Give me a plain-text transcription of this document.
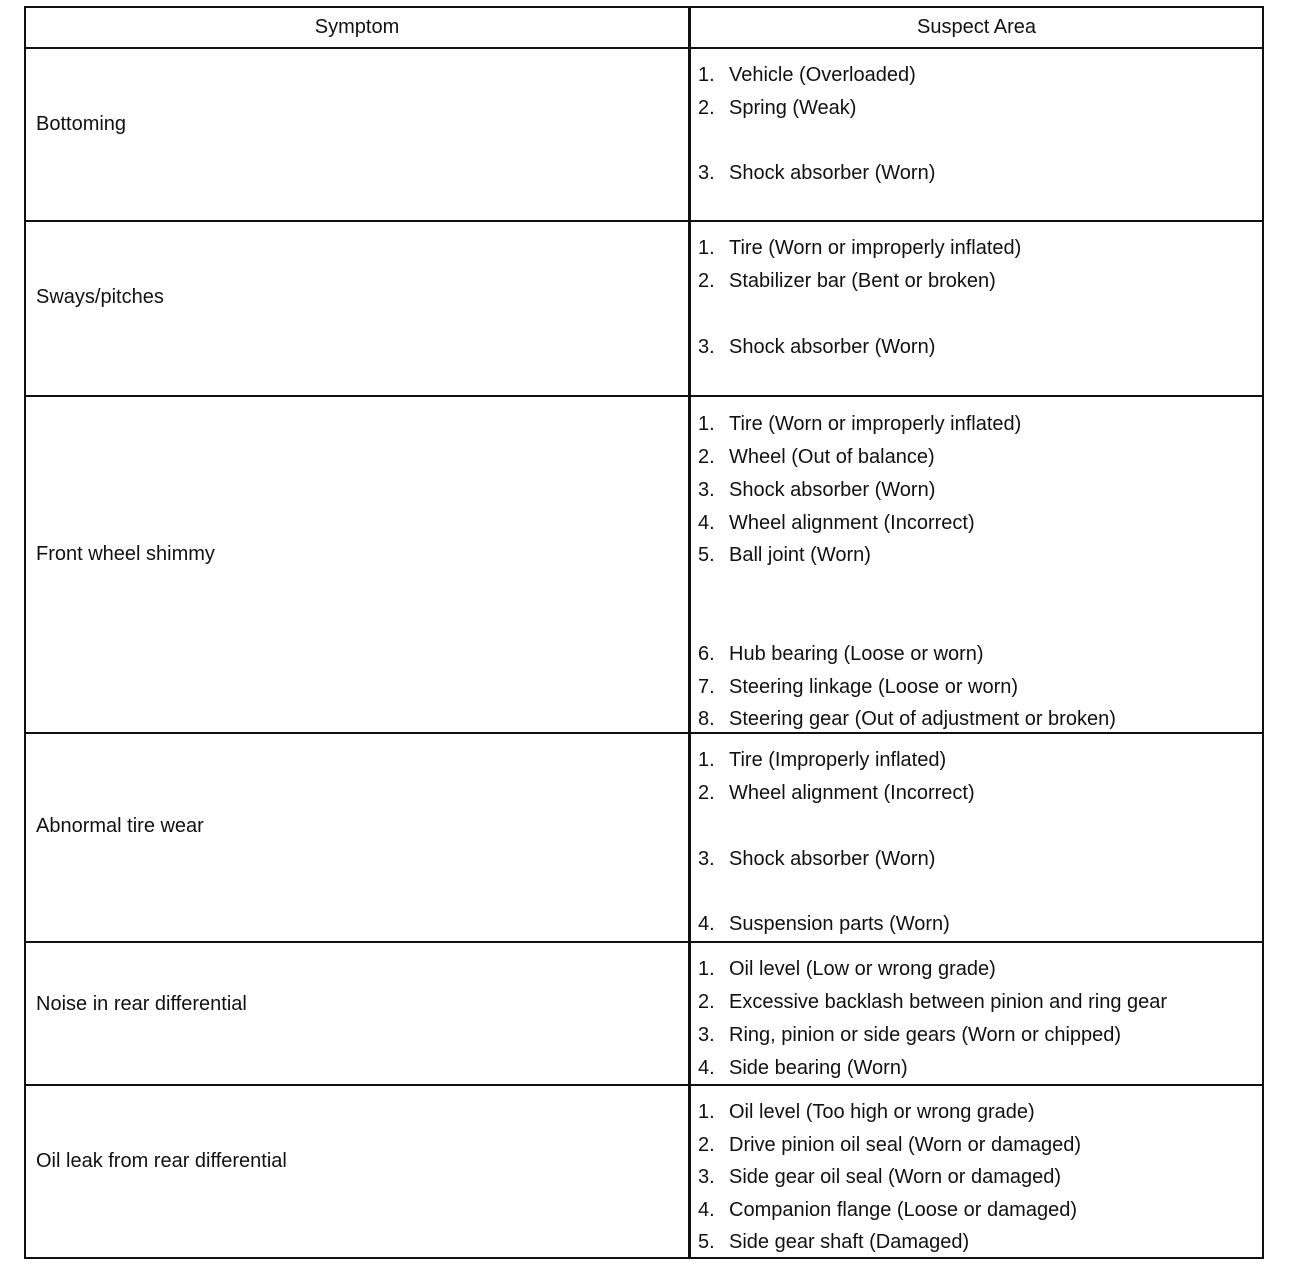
Symptom	Suspect Area
Bottoming
1. Vehicle (Overloaded)
2. Spring (Weak)
3. Shock absorber (Worn)
Sways/pitches
1. Tire (Worn or improperly inflated)
2. Stabilizer bar (Bent or broken)
3. Shock absorber (Worn)
Front wheel shimmy
1. Tire (Worn or improperly inflated)
2. Wheel (Out of balance)
3. Shock absorber (Worn)
4. Wheel alignment (Incorrect)
5. Ball joint (Worn)
6. Hub bearing (Loose or worn)
7. Steering linkage (Loose or worn)
8. Steering gear (Out of adjustment or broken)
Abnormal tire wear
1. Tire (Improperly inflated)
2. Wheel alignment (Incorrect)
3. Shock absorber (Worn)
4. Suspension parts (Worn)
Noise in rear differential
1. Oil level (Low or wrong grade)
2. Excessive backlash between pinion and ring gear
3. Ring, pinion or side gears (Worn or chipped)
4. Side bearing (Worn)
Oil leak from rear differential
1. Oil level (Too high or wrong grade)
2. Drive pinion oil seal (Worn or damaged)
3. Side gear oil seal (Worn or damaged)
4. Companion flange (Loose or damaged)
5. Side gear shaft (Damaged)
